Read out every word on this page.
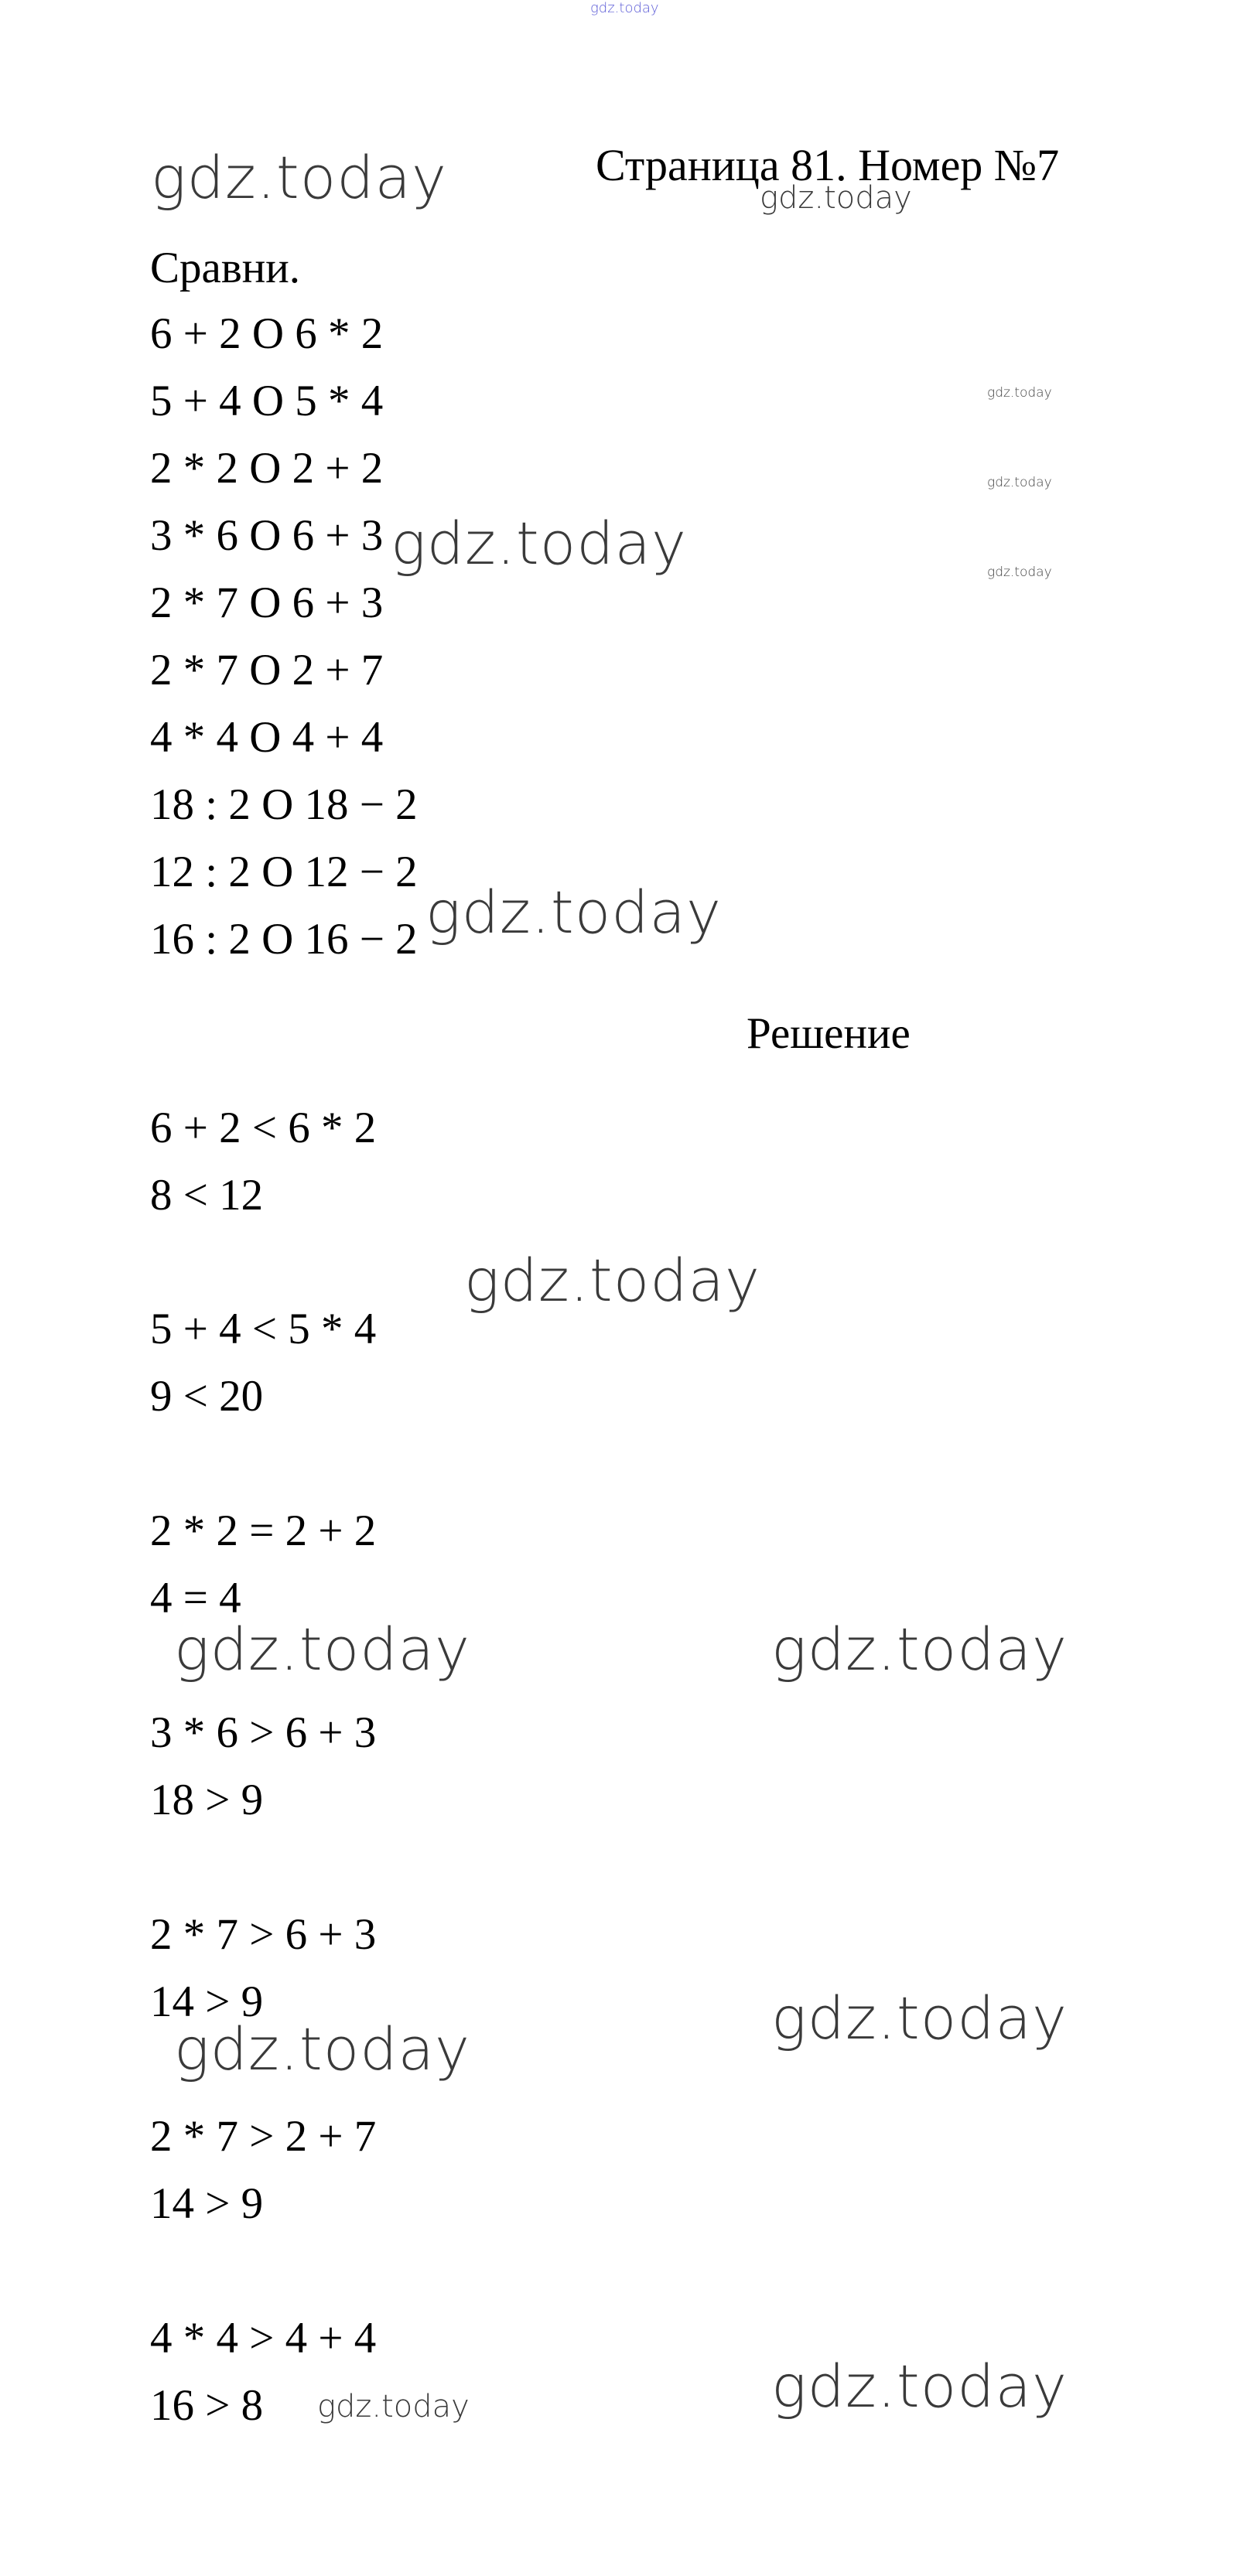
gdz.today
gdz.today	Страница 81. Номер №7
gdz.today
Сравни.
6 + 2 O 6 * 2
5 + 4 O 5 * 4
2 * 2 O 2 + 2
3 * 6 O 6 + 3
2 * 7 O 6 + 3
2 * 7 O 2 + 7
4 * 4 O 4 + 4
18 : 2 O 18 − 2
12 : 2 O 12 − 2
16 : 2 O 16 − 2
gdz.today
gdz.today
gdz.today
gdz.today
gdz.today
Решение
6 + 2 < 6 * 2
8 < 12
gdz.today
5 + 4 < 5 * 4
9 < 20
2 * 2 = 2 + 2
4 = 4
gdz.today	gdz.today
3 * 6 > 6 + 3
18 > 9
2 * 7 > 6 + 3
14 > 9	gdz.today
gdz.today
2 * 7 > 2 + 7
14 > 9
4 * 4 > 4 + 4
16 > 8 gdz.today	gdz.today
